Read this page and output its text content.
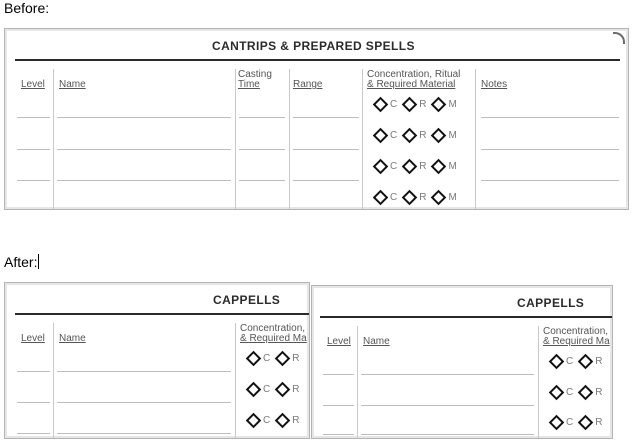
Before:
After:
CANTRIPS & PREPARED SPELLS
Level Name
Casting
Time	Range
Concentration, Ritual
& Required Material	Notes
C R M
C R M
C R M
C R M
CAPPELLS
Level Name
Concentration,
& Required Ma
C R
C R
C R
CAPPELLS
Level Name
Concentration,
& Required Ma
C R
C R
C R
